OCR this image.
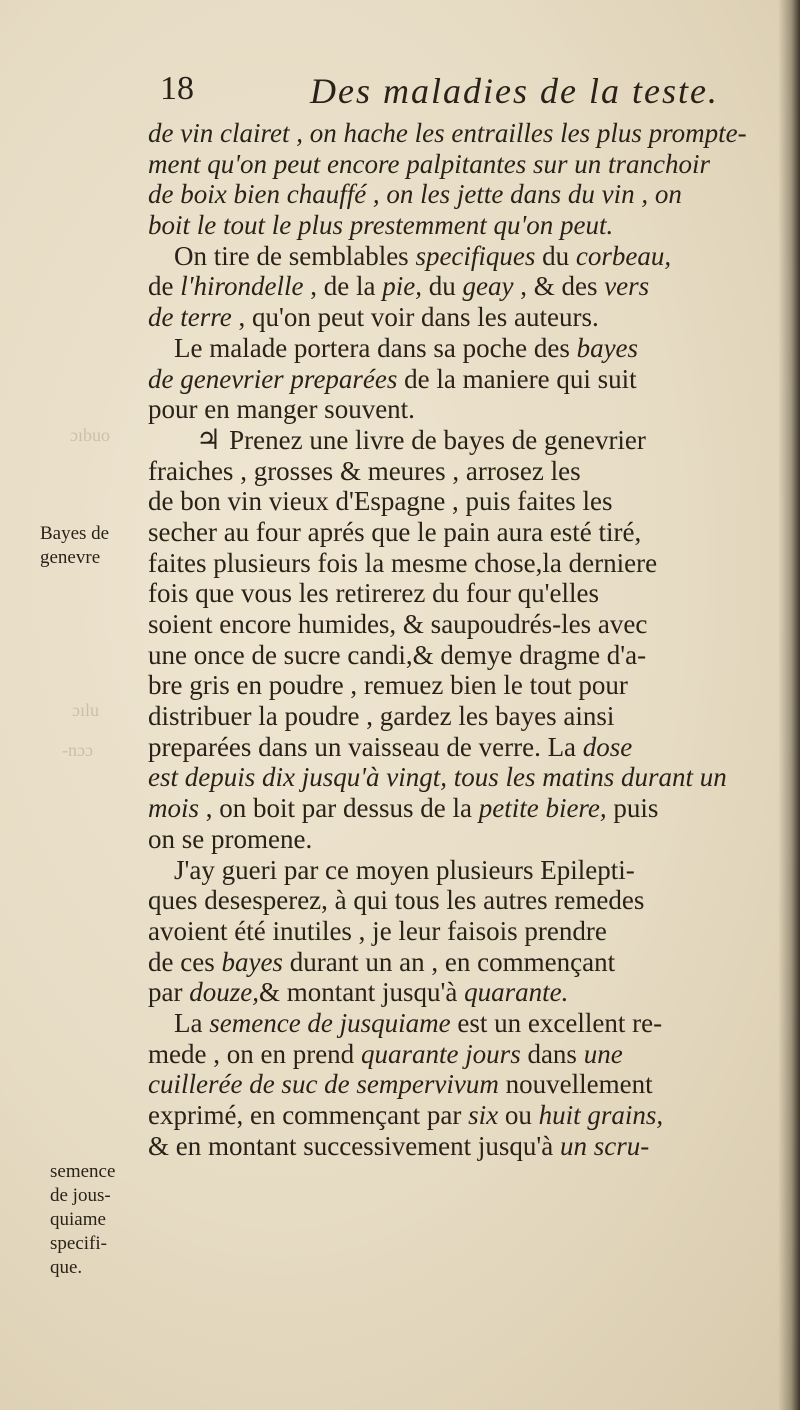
ɔıbuo
ɔılu
-nɔɔ
18	Des maladies de la teste.
Bayes de
genevre
semence
de jous-
quiame
specifi-
que.
de vin clairet , on hache les entrailles les plus prompte-
ment qu'on peut encore palpitantes sur un tranchoir
de boix bien chauffé , on les jette dans du vin , on
boit le tout le plus prestemment qu'on peut.
On tire de semblables specifiques du corbeau,
de l'hirondelle , de la pie, du geay , & des vers
de terre , qu'on peut voir dans les auteurs.
Le malade portera dans sa poche des bayes
de genevrier preparées de la maniere qui suit
pour en manger souvent.
♃ Prenez une livre de bayes de genevrier
fraiches , grosses & meures , arrosez les
de bon vin vieux d'Espagne , puis faites les
secher au four aprés que le pain aura esté tiré,
faites plusieurs fois la mesme chose,la derniere
fois que vous les retirerez du four qu'elles
soient encore humides, & saupoudrés-les avec
une once de sucre candi,& demye dragme d'a-
bre gris en poudre , remuez bien le tout pour
distribuer la poudre , gardez les bayes ainsi
preparées dans un vaisseau de verre. La dose
est depuis dix jusqu'à vingt, tous les matins durant un
mois , on boit par dessus de la petite biere, puis
on se promene.
J'ay gueri par ce moyen plusieurs Epilepti-
ques desesperez, à qui tous les autres remedes
avoient été inutiles , je leur faisois prendre
de ces bayes durant un an , en commençant
par douze,& montant jusqu'à quarante.
La semence de jusquiame est un excellent re-
mede , on en prend quarante jours dans une
cuillerée de suc de sempervivum nouvellement
exprimé, en commençant par six ou huit grains,
& en montant successivement jusqu'à un scru-
